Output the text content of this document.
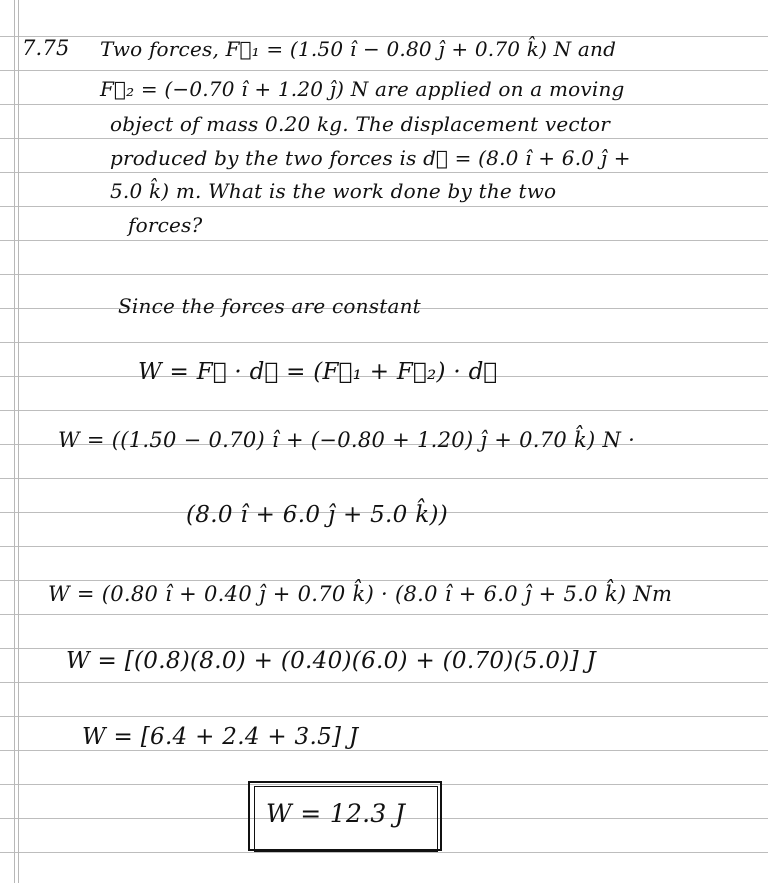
7.75 Two forces, F⃗₁ = (1.50 î − 0.80 ĵ + 0.70 k̂) N and
F⃗₂ = (−0.70 î + 1.20 ĵ) N are applied on a moving
object of mass 0.20 kg. The displacement vector
produced by the two forces is d⃗ = (8.0 î + 6.0 ĵ +
5.0 k̂) m. What is the work done by the two
forces?
Since the forces are constant
W = F⃗ · d⃗ = (F⃗₁ + F⃗₂) · d⃗
W = ((1.50 − 0.70) î + (−0.80 + 1.20) ĵ + 0.70 k̂) N ·
(8.0 î + 6.0 ĵ + 5.0 k̂))
W = (0.80 î + 0.40 ĵ + 0.70 k̂) · (8.0 î + 6.0 ĵ + 5.0 k̂) Nm
W = [(0.8)(8.0) + (0.40)(6.0) + (0.70)(5.0)] J
W = [6.4 + 2.4 + 3.5] J
W = 12.3 J
